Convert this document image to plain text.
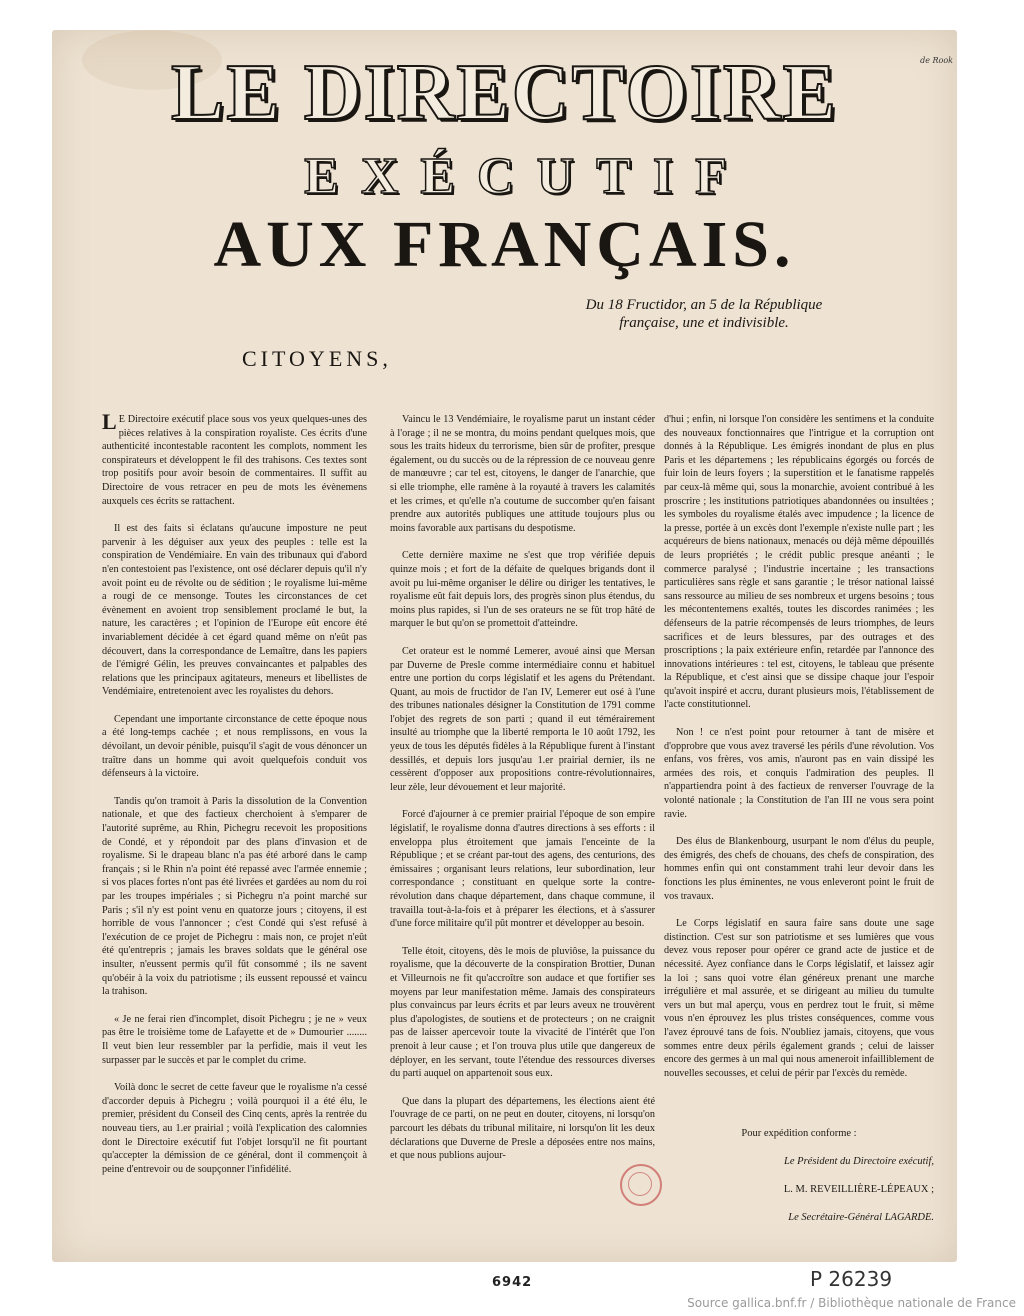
de Rook
LE DIRECTOIRE
EXÉCUTIF
AUX FRANÇAIS.
Du 18 Fructidor, an 5 de la République
française, une et indivisible.
CITOYENS,

L E Directoire exécutif place sous vos yeux quelques-unes des pièces relatives à la conspiration royaliste. Ces écrits d'une authenticité incontestable racontent les complots, nomment les conspirateurs et développent le fil des trahisons. Ces textes sont trop positifs pour avoir besoin de commentaires. Il suffit au Directoire de vous retracer en peu de mots les évènemens auxquels ces écrits se rattachent.

Il est des faits si éclatans qu'aucune imposture ne peut parvenir à les déguiser aux yeux des peuples : telle est la conspiration de Vendémiaire. En vain des tribunaux qui d'abord n'en contestoient pas l'existence, ont osé déclarer depuis qu'il n'y avoit point eu de révolte ou de sédition ; le royalisme lui-même a rougi de ce mensonge. Toutes les circonstances de cet évènement en avoient trop sensiblement proclamé le but, la nature, les caractères ; et l'opinion de l'Europe eût encore été invariablement décidée à cet égard quand même on n'eût pas découvert, dans la correspondance de Lemaître, dans les papiers de l'émigré Gélin, les preuves convaincantes et palpables des relations que les principaux agitateurs, meneurs et libellistes de Vendémiaire, entretenoient avec les royalistes du dehors.

Cependant une importante circonstance de cette époque nous a été long-temps cachée ; et nous remplissons, en vous la dévoilant, un devoir pénible, puisqu'il s'agit de vous dénoncer un traître dans un homme qui avoit quelquefois conduit vos défenseurs à la victoire.

Tandis qu'on tramoit à Paris la dissolution de la Convention nationale, et que des factieux cherchoient à s'emparer de l'autorité suprême, au Rhin, Pichegru recevoit les propositions de Condé, et y répondoit par des plans d'invasion et de royalisme. Si le drapeau blanc n'a pas été arboré dans le camp français ; si le Rhin n'a point été repassé avec l'armée ennemie ; si vos places fortes n'ont pas été livrées et gardées au nom du roi par les troupes impériales ; si Pichegru n'a point marché sur Paris ; s'il n'y est point venu en quatorze jours ; citoyens, il est horrible de vous l'annoncer ; c'est Condé qui s'est refusé à l'exécution de ce projet de Pichegru : mais non, ce projet n'eût été qu'entrepris ; jamais les braves soldats que le général ose insulter, n'eussent permis qu'il fût consommé ; ils ne savent qu'obéir à la voix du patriotisme ; ils eussent repoussé et vaincu la trahison.

« Je ne ferai rien d'incomplet, disoit Pichegru ; je ne » veux pas être le troisième tome de Lafayette et de » Dumourier ........ Il veut bien leur ressembler par la perfidie, mais il veut les surpasser par le succès et par le complet du crime.

Voilà donc le secret de cette faveur que le royalisme n'a cessé d'accorder depuis à Pichegru ; voilà pourquoi il a été élu, le premier, président du Conseil des Cinq cents, après la rentrée du nouveau tiers, au 1.er prairial ; voilà l'explication des calomnies dont le Directoire exécutif fut l'objet lorsqu'il ne fit pourtant qu'accepter la démission de ce général, dont il commençoit à peine d'entrevoir ou de soupçonner l'infidélité.

Vaincu le 13 Vendémiaire, le royalisme parut un instant céder à l'orage ; il ne se montra, du moins pendant quelques mois, que sous les traits hideux du terrorisme, bien sûr de profiter, presque également, ou du succès ou de la répression de ce nouveau genre de manœuvre ; car tel est, citoyens, le danger de l'anarchie, que si elle triomphe, elle ramène à la royauté à travers les calamités et les crimes, et qu'elle n'a coutume de succomber qu'en faisant prendre aux autorités publiques une attitude toujours plus ou moins favorable aux partisans du despotisme.

Cette dernière maxime ne s'est que trop vérifiée depuis quinze mois ; et fort de la défaite de quelques brigands dont il avoit pu lui-même organiser le délire ou diriger les tentatives, le royalisme eût fait depuis lors, des progrès sinon plus étendus, du moins plus rapides, si l'un de ses orateurs ne se fût trop hâté de marquer le but qu'on se promettoit d'atteindre.

Cet orateur est le nommé Lemerer, avoué ainsi que Mersan par Duverne de Presle comme intermédiaire connu et habituel entre une portion du corps législatif et les agens du Prétendant. Quant, au mois de fructidor de l'an IV, Lemerer eut osé à l'une des tribunes nationales désigner la Constitution de 1791 comme l'objet des regrets de son parti ; quand il eut témérairement insulté au triomphe que la liberté remporta le 10 août 1792, les yeux de tous les députés fidèles à la République furent à l'instant dessillés, et depuis lors jusqu'au 1.er prairial dernier, ils ne cessèrent d'opposer aux propositions contre-révolutionnaires, leur zèle, leur dévouement et leur majorité.

Forcé d'ajourner à ce premier prairial l'époque de son empire législatif, le royalisme donna d'autres directions à ses efforts : il enveloppa plus étroitement que jamais l'enceinte de la République ; et se créant par-tout des agens, des centurions, des émissaires ; organisant leurs relations, leur subordination, leur correspondance ; constituant en quelque sorte la contre-révolution dans chaque département, dans chaque commune, il travailla tout-à-la-fois et à préparer les élections, et à s'assurer d'une force militaire qu'il pût montrer et développer au besoin.

Telle étoit, citoyens, dès le mois de pluviôse, la puissance du royalisme, que la découverte de la conspiration Brottier, Dunan et Villeurnois ne fit qu'accroître son audace et que fortifier ses moyens par leur manifestation même. Jamais des conspirateurs plus convaincus par leurs écrits et par leurs aveux ne trouvèrent plus d'apologistes, de soutiens et de protecteurs ; on ne craignit pas de laisser apercevoir toute la vivacité de l'intérêt que l'on prenoit à leur cause ; et l'on trouva plus utile que dangereux de déployer, en les servant, toute l'étendue des ressources diverses du parti auquel on appartenoit sous eux.

Que dans la plupart des départemens, les élections aient été l'ouvrage de ce parti, on ne peut en douter, citoyens, ni lorsqu'on parcourt les débats du tribunal militaire, ni lorsqu'on lit les deux déclarations que Duverne de Presle a déposées entre nos mains, et que nous publions aujour-

d'hui ; enfin, ni lorsque l'on considère les sentimens et la conduite des nouveaux fonctionnaires que l'intrigue et la corruption ont donnés à la République. Les émigrés inondant de plus en plus Paris et les départemens ; les républicains égorgés ou forcés de fuir loin de leurs foyers ; la superstition et le fanatisme rappelés par ceux-là même qui, sous la monarchie, avoient contribué à les proscrire ; les institutions patriotiques abandonnées ou insultées ; les symboles du royalisme étalés avec impudence ; la licence de la presse, portée à un excès dont l'exemple n'existe nulle part ; les acquéreurs de biens nationaux, menacés ou déjà même dépouillés de leurs propriétés ; le crédit public presque anéanti ; le commerce paralysé ; l'industrie incertaine ; les transactions particulières sans règle et sans garantie ; le trésor national laissé sans ressource au milieu de ses nombreux et urgens besoins ; tous les mécontentemens exaltés, toutes les discordes ranimées ; les défenseurs de la patrie récompensés de leurs triomphes, de leurs sacrifices et de leurs blessures, par des outrages et des proscriptions ; la paix extérieure enfin, retardée par l'annonce des innovations intérieures : tel est, citoyens, le tableau que présente la République, et c'est ainsi que se dissipe chaque jour l'espoir qu'avoit inspiré et accru, durant plusieurs mois, l'établissement de l'acte constitutionnel.

Non ! ce n'est point pour retourner à tant de misère et d'opprobre que vous avez traversé les périls d'une révolution. Vos enfans, vos frères, vos amis, n'auront pas en vain dissipé les armées des rois, et conquis l'admiration des peuples. Il n'appartiendra point à des factieux de renverser l'ouvrage de la volonté nationale ; la Constitution de l'an III ne vous sera point ravie.

Des élus de Blankenbourg, usurpant le nom d'élus du peuple, des émigrés, des chefs de chouans, des chefs de conspiration, des hommes enfin qui ont constamment trahi leur devoir dans les fonctions les plus éminentes, ne vous enleveront point le fruit de vos travaux.

Le Corps législatif en saura faire sans doute une sage distinction. C'est sur son patriotisme et ses lumières que vous devez vous reposer pour opérer ce grand acte de justice et de nécessité. Ayez confiance dans le Corps législatif, et laissez agir la loi ; sans quoi votre élan généreux prenant une marche irrégulière et mal assurée, et se dirigeant au milieu du tumulte vers un but mal aperçu, vous en perdrez tout le fruit, si même vous n'en éprouvez les plus tristes conséquences, comme vous l'avez éprouvé tans de fois. N'oubliez jamais, citoyens, que vous sommes entre deux périls également grands ; celui de laisser encore des germes à un mal qui nous ameneroit infailliblement de nouvelles secousses, et celui de périr par l'excès du remède.

Pour expédition conforme :
Le Président du Directoire exécutif,
L. M. REVEILLIÈRE-LÉPEAUX ;
Le Secrétaire-Général LAGARDE.
6942	P 26239
Source gallica.bnf.fr / Bibliothèque nationale de France
